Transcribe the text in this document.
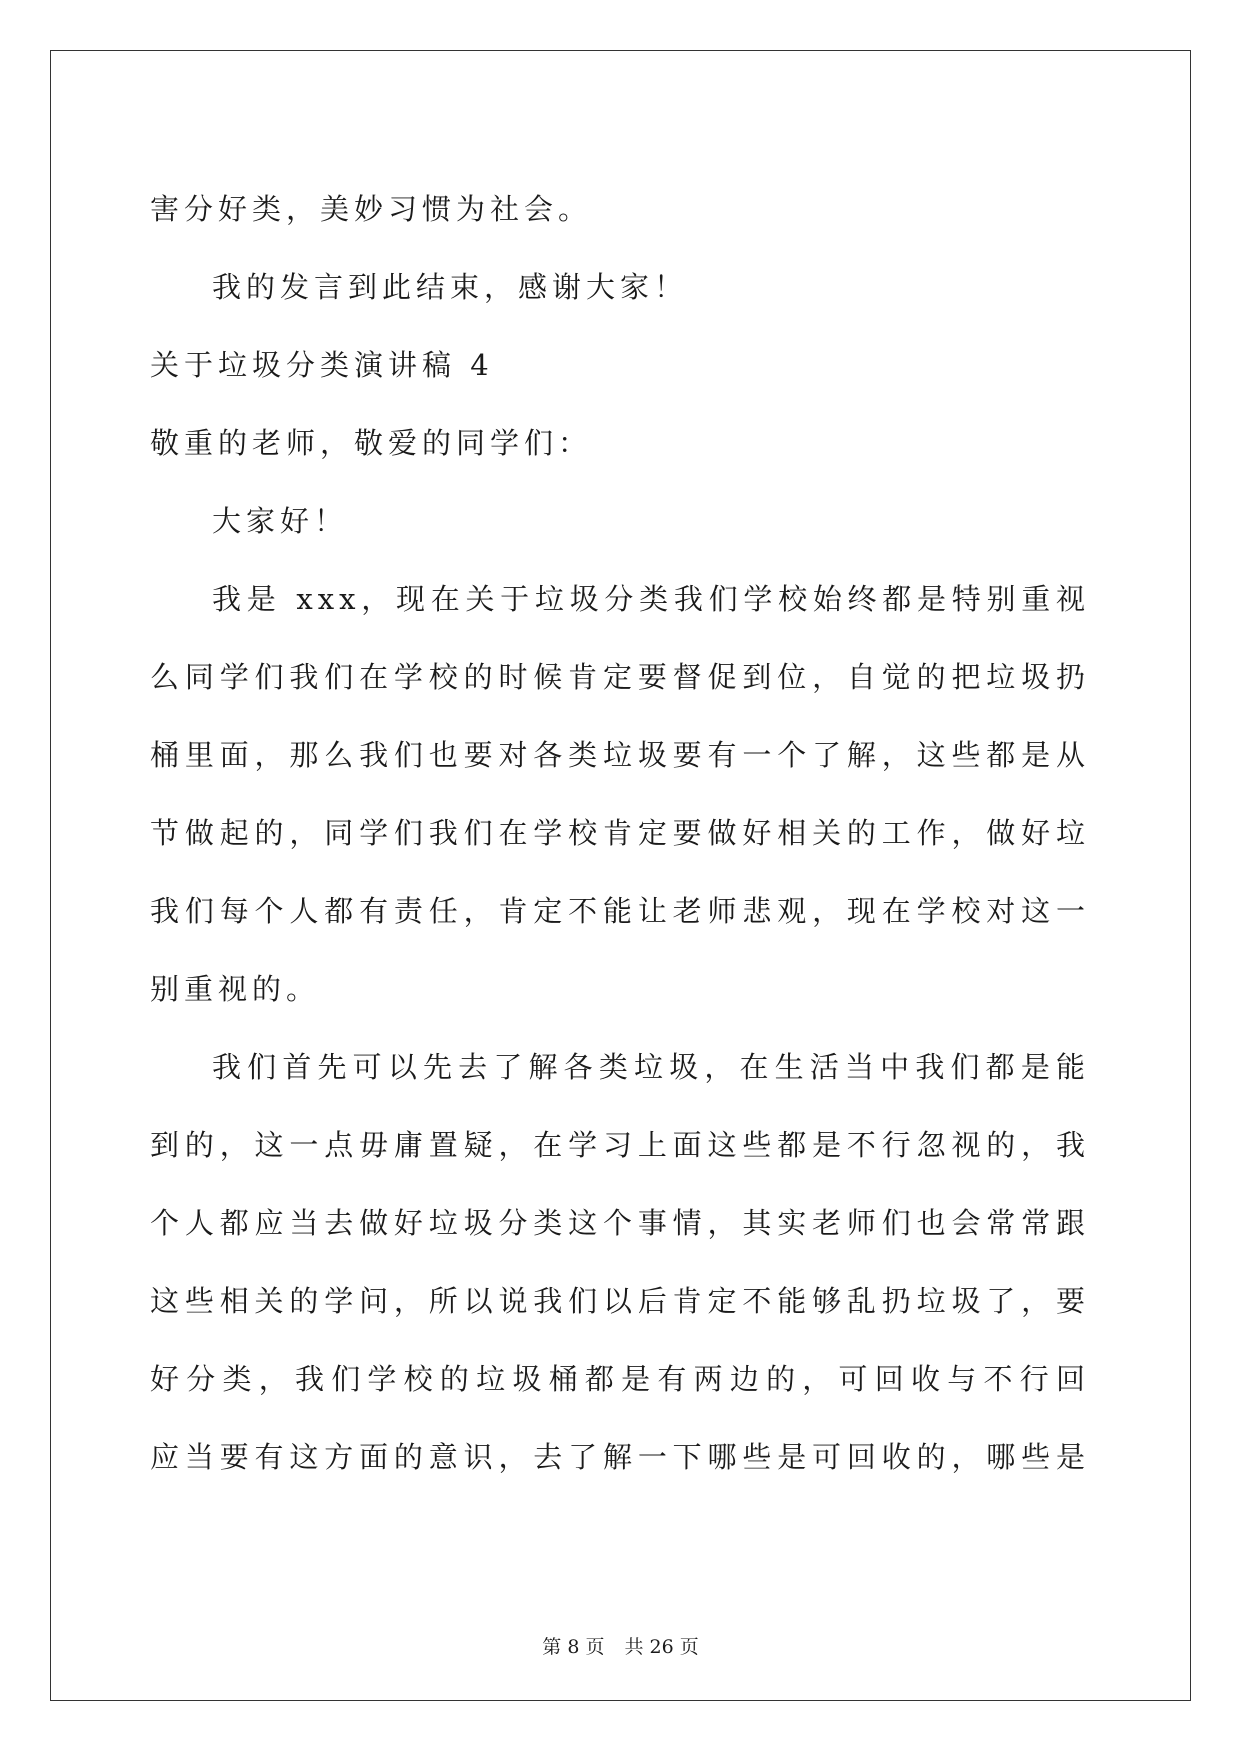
害分好类，美妙习惯为社会。
我的发言到此结束，感谢大家！
关于垃圾分类演讲稿 4
敬重的老师，敬爱的同学们：
大家好！
我是 xxx，现在关于垃圾分类我们学校始终都是特别重视
么同学们我们在学校的时候肯定要督促到位，自觉的把垃圾扔
桶里面，那么我们也要对各类垃圾要有一个了解，这些都是从
节做起的，同学们我们在学校肯定要做好相关的工作，做好垃
我们每个人都有责任，肯定不能让老师悲观，现在学校对这一
别重视的。
我们首先可以先去了解各类垃圾，在生活当中我们都是能
到的，这一点毋庸置疑，在学习上面这些都是不行忽视的，我
个人都应当去做好垃圾分类这个事情，其实老师们也会常常跟
这些相关的学问，所以说我们以后肯定不能够乱扔垃圾了，要
好分类，我们学校的垃圾桶都是有两边的，可回收与不行回
应当要有这方面的意识，去了解一下哪些是可回收的，哪些是
第 8 页 共 26 页
